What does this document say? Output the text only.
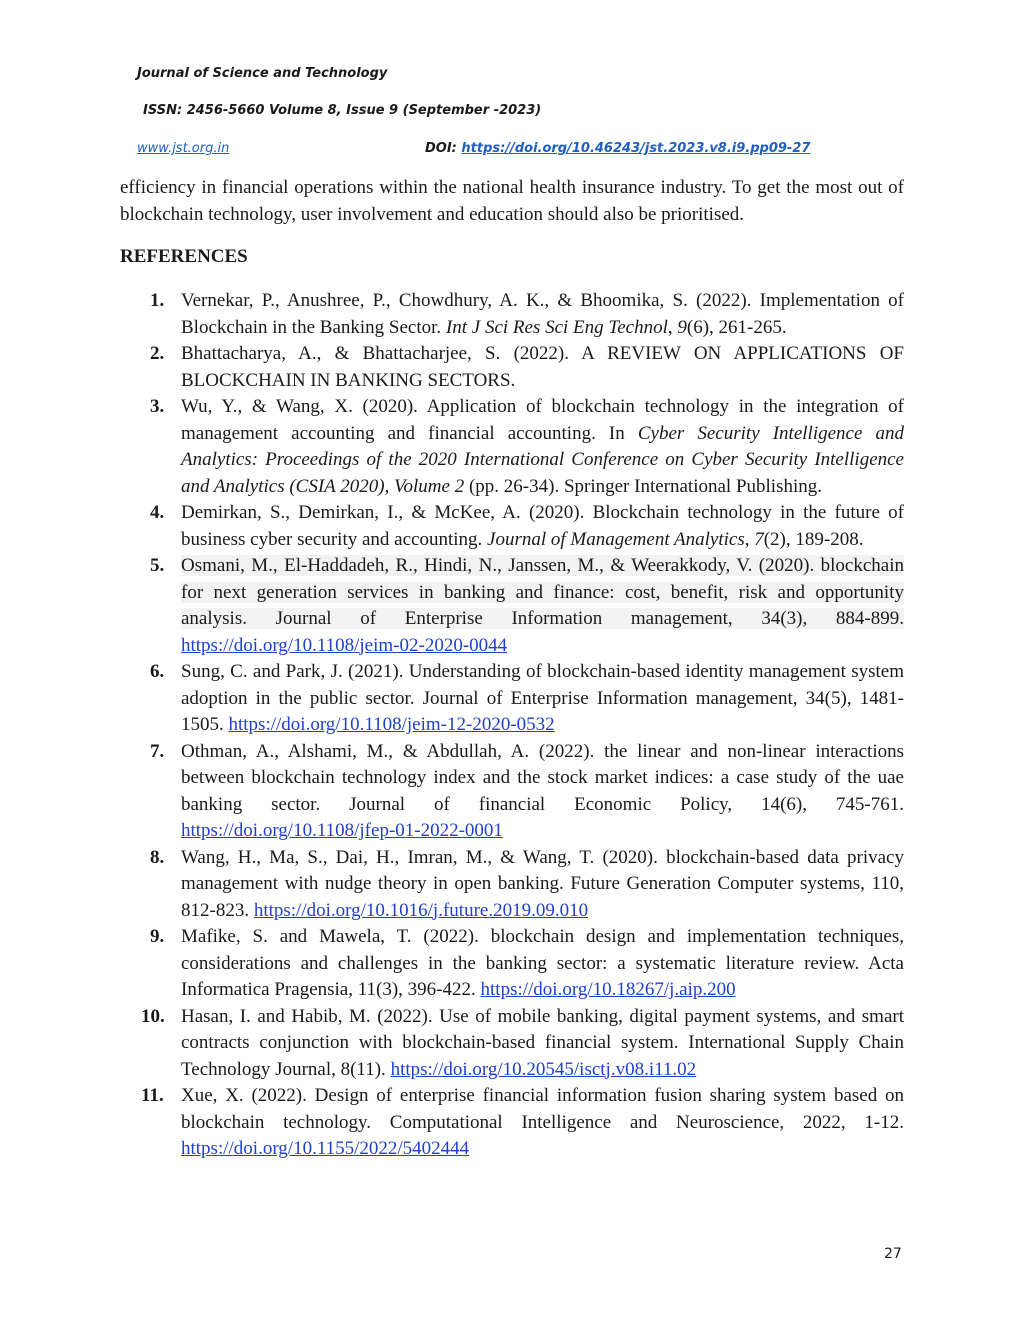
Journal of Science and Technology
ISSN: 2456-5660 Volume 8, Issue 9 (September -2023)
www.jst.org.in	DOI: https://doi.org/10.46243/jst.2023.v8.i9.pp09-27

efficiency in financial operations within the national health insurance industry. To get the most out of blockchain technology, user involvement and education should also be prioritised.

REFERENCES
1. Vernekar, P., Anushree, P., Chowdhury, A. K., & Bhoomika, S. (2022). Implementation of Blockchain in the Banking Sector. Int J Sci Res Sci Eng Technol, 9(6), 261-265.
2. Bhattacharya, A., & Bhattacharjee, S. (2022). A REVIEW ON APPLICATIONS OF BLOCKCHAIN IN BANKING SECTORS.
3. Wu, Y., & Wang, X. (2020). Application of blockchain technology in the integration of management accounting and financial accounting. In Cyber Security Intelligence and Analytics: Proceedings of the 2020 International Conference on Cyber Security Intelligence and Analytics (CSIA 2020), Volume 2 (pp. 26-34). Springer International Publishing.
4. Demirkan, S., Demirkan, I., & McKee, A. (2020). Blockchain technology in the future of business cyber security and accounting. Journal of Management Analytics, 7(2), 189-208.
5. Osmani, M., El-Haddadeh, R., Hindi, N., Janssen, M., & Weerakkody, V. (2020). blockchain for next generation services in banking and finance: cost, benefit, risk and opportunity analysis. Journal of Enterprise Information management, 34(3), 884-899. https://doi.org/10.1108/jeim-02-2020-0044
6. Sung, C. and Park, J. (2021). Understanding of blockchain-based identity management system adoption in the public sector. Journal of Enterprise Information management, 34(5), 1481-1505. https://doi.org/10.1108/jeim-12-2020-0532
7. Othman, A., Alshami, M., & Abdullah, A. (2022). the linear and non-linear interactions between blockchain technology index and the stock market indices: a case study of the uae banking sector. Journal of financial Economic Policy, 14(6), 745-761. https://doi.org/10.1108/jfep-01-2022-0001
8. Wang, H., Ma, S., Dai, H., Imran, M., & Wang, T. (2020). blockchain-based data privacy management with nudge theory in open banking. Future Generation Computer systems, 110, 812-823. https://doi.org/10.1016/j.future.2019.09.010
9. Mafike, S. and Mawela, T. (2022). blockchain design and implementation techniques, considerations and challenges in the banking sector: a systematic literature review. Acta Informatica Pragensia, 11(3), 396-422. https://doi.org/10.18267/j.aip.200
10. Hasan, I. and Habib, M. (2022). Use of mobile banking, digital payment systems, and smart contracts conjunction with blockchain-based financial system. International Supply Chain Technology Journal, 8(11). https://doi.org/10.20545/isctj.v08.i11.02
11. Xue, X. (2022). Design of enterprise financial information fusion sharing system based on blockchain technology. Computational Intelligence and Neuroscience, 2022, 1-12. https://doi.org/10.1155/2022/5402444
27
